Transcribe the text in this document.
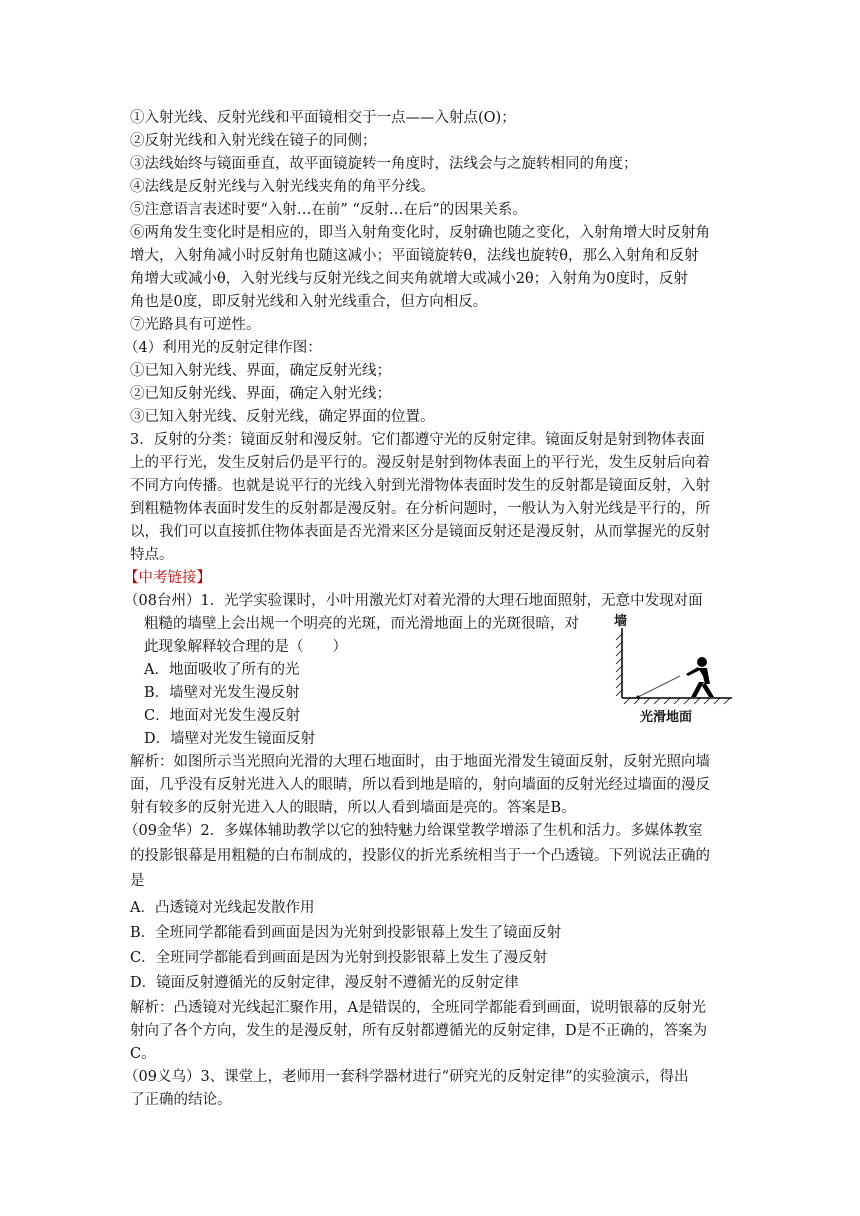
①入射光线、反射光线和平面镜相交于一点——入射点(O)；
②反射光线和入射光线在镜子的同侧；
③法线始终与镜面垂直，故平面镜旋转一角度时，法线会与之旋转相同的角度；
④法线是反射光线与入射光线夹角的角平分线。
⑤注意语言表述时要“入射…在前” “反射…在后”的因果关系。
⑥两角发生变化时是相应的，即当入射角变化时，反射确也随之变化，入射角增大时反射角
增大，入射角减小时反射角也随这减小；平面镜旋转θ，法线也旋转θ，那么入射角和反射
角增大或减小θ，入射光线与反射光线之间夹角就增大或减小2θ；入射角为0度时，反射
角也是0度，即反射光线和入射光线重合，但方向相反。
⑦光路具有可逆性。
（4）利用光的反射定律作图：
①已知入射光线、界面，确定反射光线；
②已知反射光线、界面，确定入射光线；
③已知入射光线、反射光线，确定界面的位置。
3．反射的分类：镜面反射和漫反射。它们都遵守光的反射定律。镜面反射是射到物体表面
上的平行光，发生反射后仍是平行的。漫反射是射到物体表面上的平行光，发生反射后向着
不同方向传播。也就是说平行的光线入射到光滑物体表面时发生的反射都是镜面反射，入射
到粗糙物体表面时发生的反射都是漫反射。在分析问题时，一般认为入射光线是平行的，所
以，我们可以直接抓住物体表面是否光滑来区分是镜面反射还是漫反射，从而掌握光的反射
特点。
【中考链接】
（08台州）1．光学实验课时，小叶用激光灯对着光滑的大理石地面照射，无意中发现对面
粗糙的墙壁上会出规一个明亮的光斑，而光滑地面上的光斑很暗，对
此现象解释较合理的是（　　）
A．地面吸收了所有的光
B．墙壁对光发生漫反射
C．地面对光发生漫反射
D．墙壁对光发生镜面反射
墙
光滑地面
解析：如图所示当光照向光滑的大理石地面时，由于地面光滑发生镜面反射，反射光照向墙
面，几乎没有反射光进入人的眼睛，所以看到地是暗的，射向墙面的反射光经过墙面的漫反
射有较多的反射光进入人的眼睛，所以人看到墙面是亮的。答案是B。
（09金华）2．多媒体辅助教学以它的独特魅力给课堂教学增添了生机和活力。多媒体教室
的投影银幕是用粗糙的白布制成的，投影仪的折光系统相当于一个凸透镜。下列说法正确的
是
A．凸透镜对光线起发散作用
B．全班同学都能看到画面是因为光射到投影银幕上发生了镜面反射
C．全班同学都能看到画面是因为光射到投影银幕上发生了漫反射
D．镜面反射遵循光的反射定律，漫反射不遵循光的反射定律
解析：凸透镜对光线起汇聚作用，A是错误的，全班同学都能看到画面，说明银幕的反射光
射向了各个方向，发生的是漫反射，所有反射都遵循光的反射定律，D是不正确的，答案为
C。
（09义乌）3、课堂上，老师用一套科学器材进行“研究光的反射定律”的实验演示，得出
了正确的结论。
